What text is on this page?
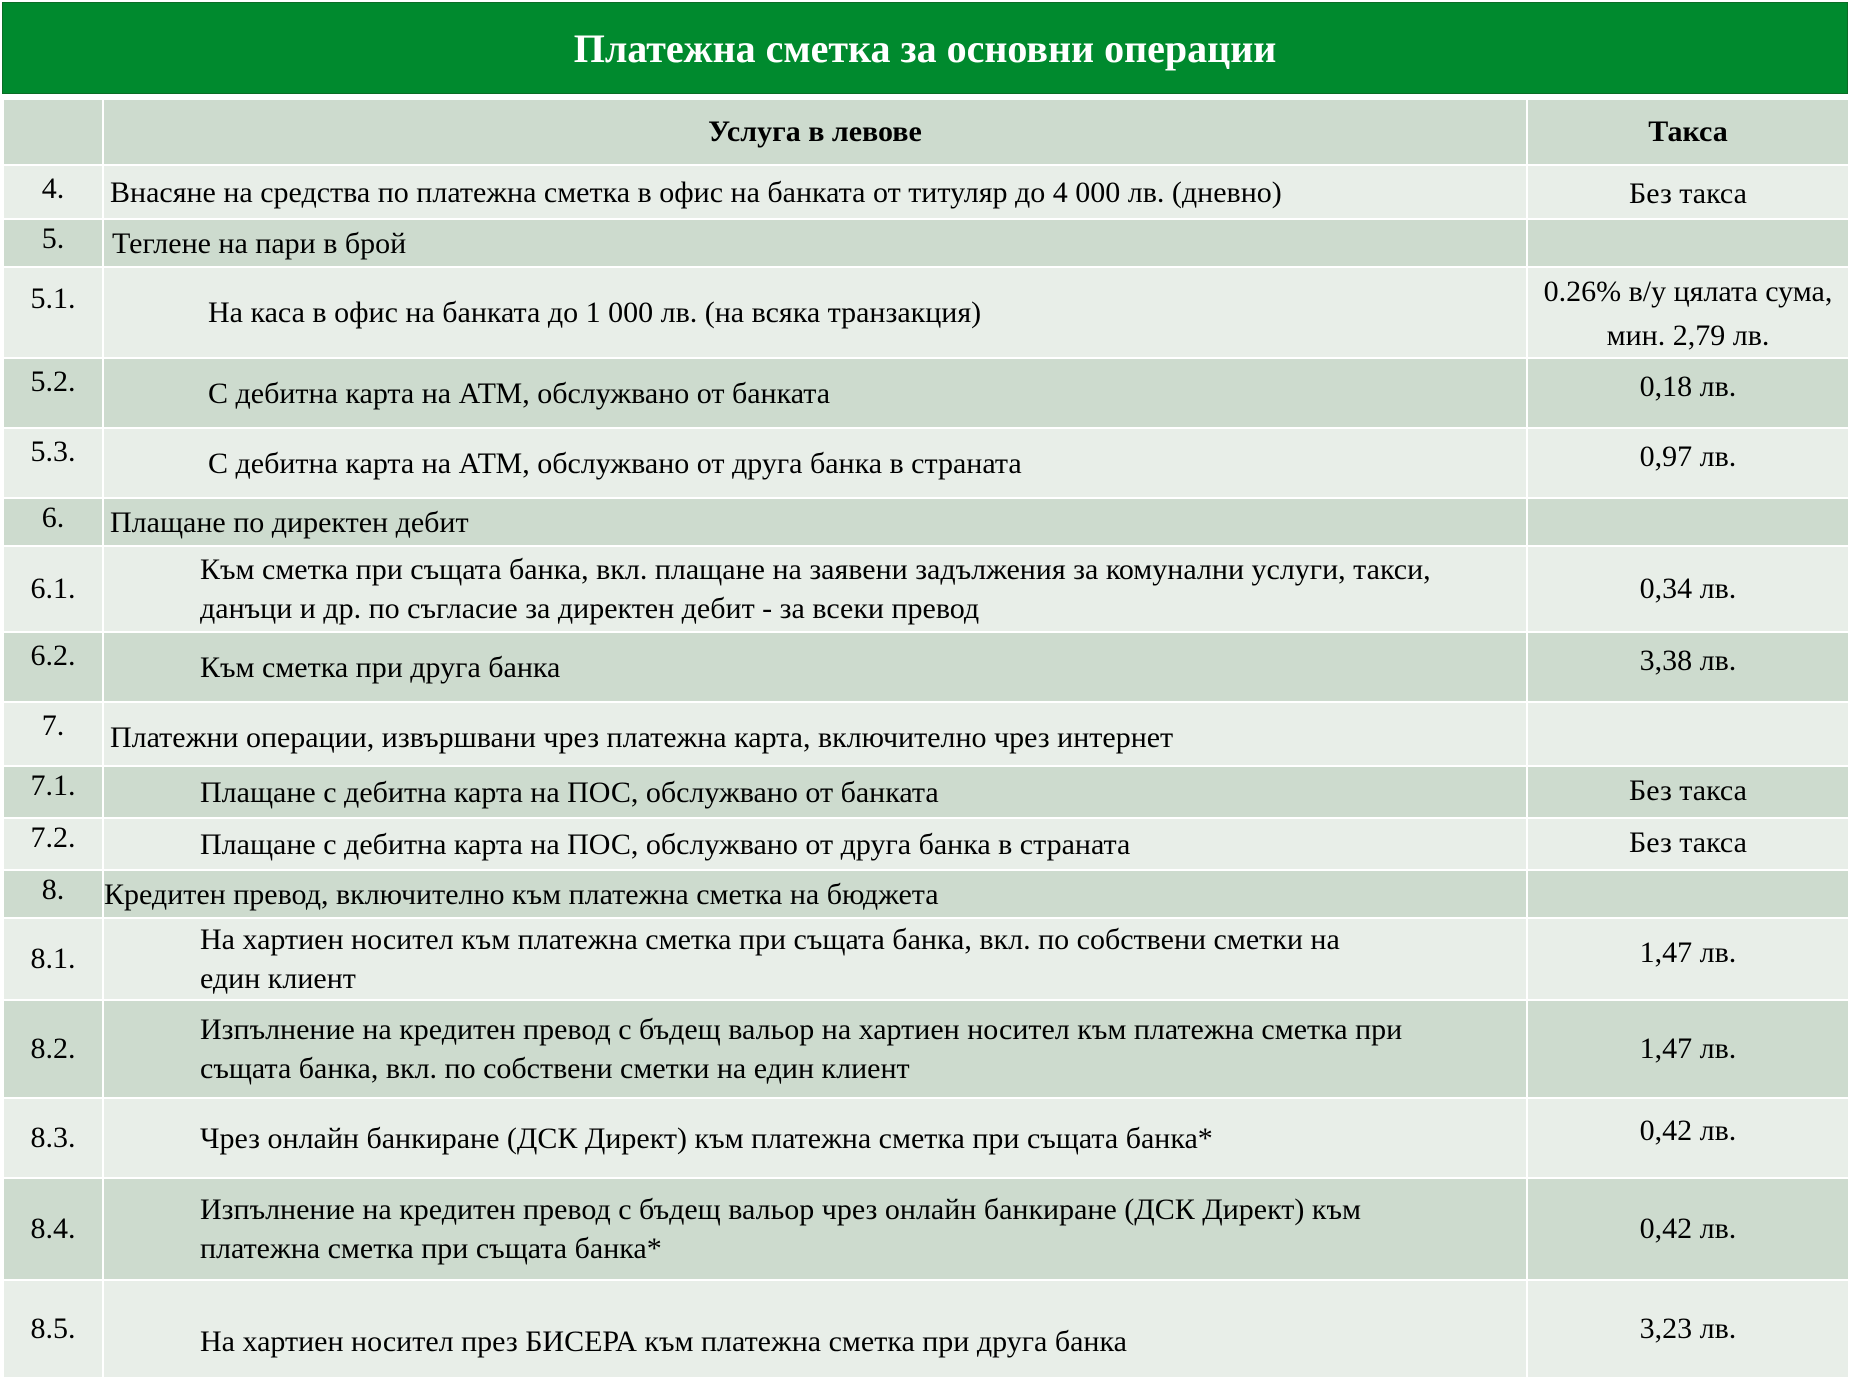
Платежна сметка за основни операции
	Услуга в левове	Такса
4.	Внасяне на средства по платежна сметка в офис на банката от титуляр до 4 000 лв. (дневно)	Без такса
5.	Теглене на пари в брой	
5.1.	На каса в офис на банката до 1 000 лв. (на всяка транзакция)	0.26% в/у цялата сума, мин. 2,79 лв.
5.2.	С дебитна карта на АТМ, обслужвано от банката	0,18 лв.
5.3.	С дебитна карта на АТМ, обслужвано от друга банка в страната	0,97 лв.
6.	Плащане по директен дебит	
6.1.	Към сметка при същата банка, вкл. плащане на заявени задължения за комунални услуги, такси, данъци и др. по съгласие за директен дебит - за всеки превод	0,34 лв.
6.2.	Към сметка при друга банка	3,38 лв.
7.	Платежни операции, извършвани чрез платежна карта, включително чрез интернет	
7.1.	Плащане с дебитна карта на ПОС, обслужвано от банката	Без такса
7.2.	Плащане с дебитна карта на ПОС, обслужвано от друга банка в страната	Без такса
8.	Кредитен превод, включително към платежна сметка на бюджета	
8.1.	На хартиен носител към платежна сметка при същата банка, вкл. по собствени сметки на един клиент	1,47 лв.
8.2.	Изпълнение на кредитен превод с бъдещ вальор на хартиен носител към платежна сметка при същата банка, вкл. по собствени сметки на един клиент	1,47 лв.
8.3.	Чрез онлайн банкиране (ДСК Директ) към платежна сметка при същата банка*	0,42 лв.
8.4.	Изпълнение на кредитен превод с бъдещ вальор чрез онлайн банкиране (ДСК Директ) към платежна сметка при същата банка*	0,42 лв.
8.5.	На хартиен носител през БИСЕРА към платежна сметка при друга банка	3,23 лв.
